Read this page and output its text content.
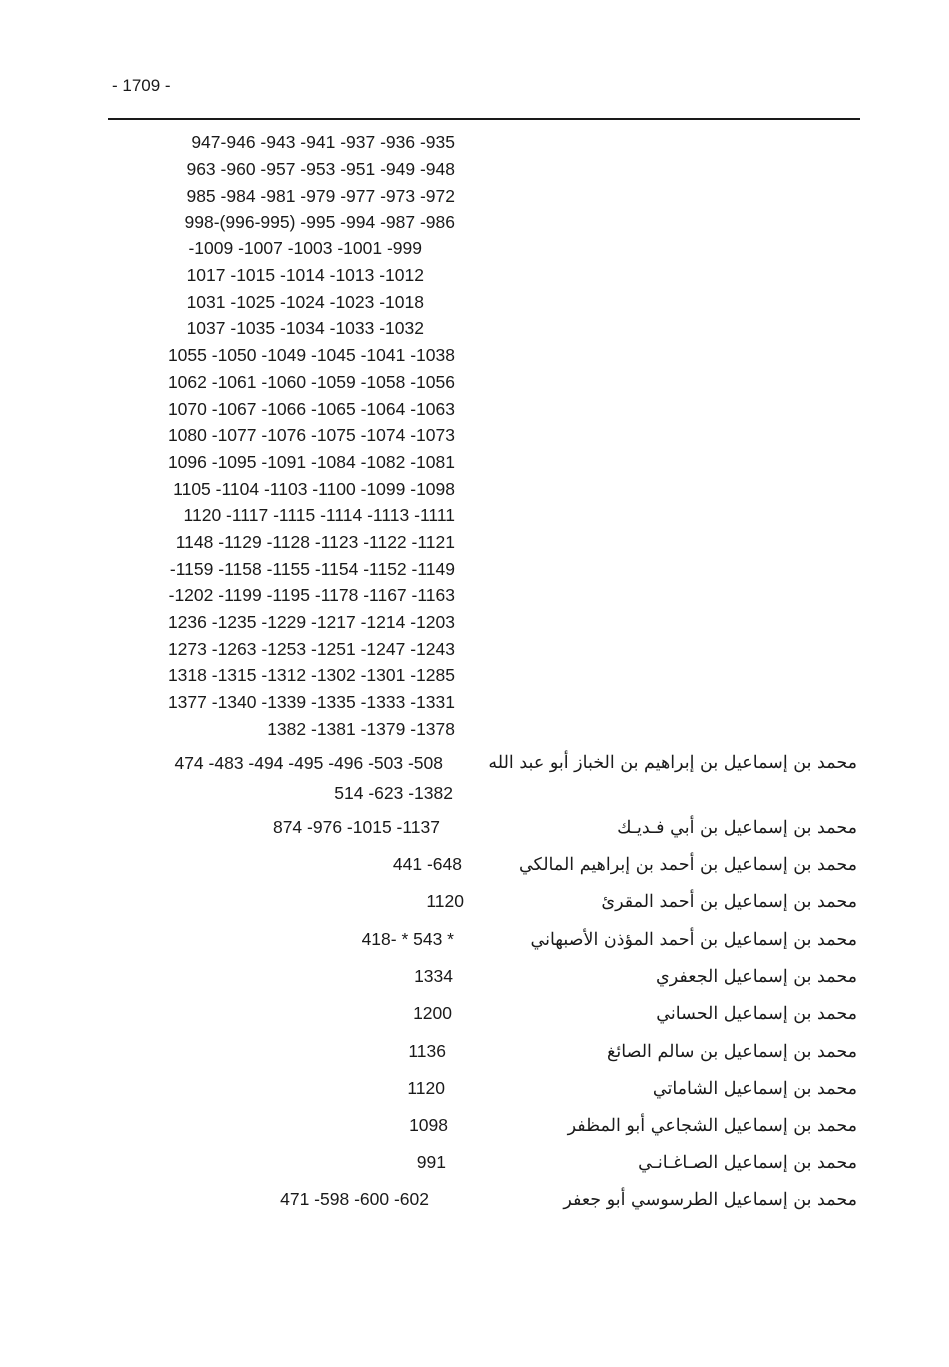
- 1709 -
947-946 -943 -941 -937 -936 -935
963 -960 -957 -953 -951 -949 -948
985 -984 -981 -979 -977 -973 -972
998-(996-995) -995 -994 -987 -986
-1009 -1007 -1003 -1001 -999
1017 -1015 -1014 -1013 -1012
1031 -1025 -1024 -1023 -1018
1037 -1035 -1034 -1033 -1032
1055 -1050 -1049 -1045 -1041 -1038
1062 -1061 -1060 -1059 -1058 -1056
1070 -1067 -1066 -1065 -1064 -1063
1080 -1077 -1076 -1075 -1074 -1073
1096 -1095 -1091 -1084 -1082 -1081
1105 -1104 -1103 -1100 -1099 -1098
1120 -1117 -1115 -1114 -1113 -1111
1148 -1129 -1128 -1123 -1122 -1121
-1159 -1158 -1155 -1154 -1152 -1149
-1202 -1199 -1195 -1178 -1167 -1163
1236 -1235 -1229 -1217 -1214 -1203
1273 -1263 -1253 -1251 -1247 -1243
1318 -1315 -1312 -1302 -1301 -1285
1377 -1340 -1339 -1335 -1333 -1331
1382 -1381 -1379 -1378
محمد بن إسماعيل بن إبراهيم بن الخباز أبو عبد الله
474 -483 -494 -495 -496 -503 -508
514 -623 -1382
محمد بن إسماعيل بن أبي فـديـك
874 -976 -1015 -1137
محمد بن إسماعيل بن أحمد بن إبراهيم المالكي
441 -648
محمد بن إسماعيل بن أحمد المقرئ
1120
محمد بن إسماعيل بن أحمد المؤذن الأصبهاني
418- * 543 *
محمد بن إسماعيل الجعفري
1334
محمد بن إسماعيل الحساني
1200
محمد بن إسماعيل بن سالم الصائغ
1136
محمد بن إسماعيل الشاماتي
1120
محمد بن إسماعيل الشجاعي أبو المظفر
1098
محمد بن إسماعيل الصـاغـانـي
991
محمد بن إسماعيل الطرسوسي أبو جعفر
471 -598 -600 -602
